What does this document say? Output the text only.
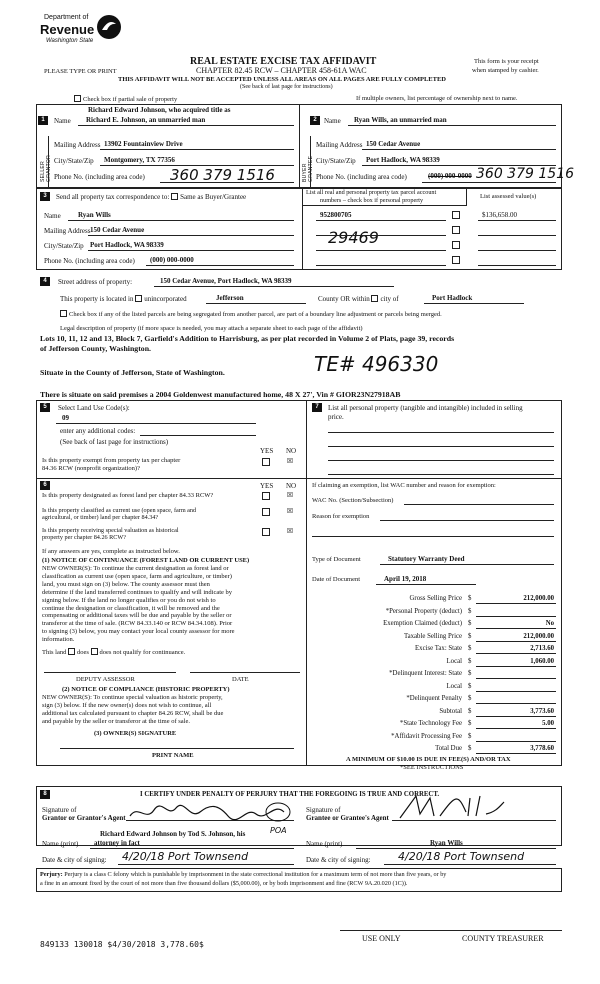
Department of
Revenue
Washington State
REAL ESTATE EXCISE TAX AFFIDAVIT	This form is your receipt
when stamped by cashier.
PLEASE TYPE OR PRINT	CHAPTER 82.45 RCW – CHAPTER 458-61A WAC
THIS AFFIDAVIT WILL NOT BE ACCEPTED UNLESS ALL AREAS ON ALL PAGES ARE FULLY COMPLETED
(See back of last page for instructions)
Check box if partial sale of property	If multiple owners, list percentage of ownership next to name.
1
SELLER GRANTOR
Richard Edward Johnson, who acquired title as
Name Richard E. Johnson, an unmarried man
Mailing Address 13902 Fountainview Drive
City/State/Zip Montgomery, TX 77356
Phone No. (including area code) 360 379 1516
2
BUYER GRANTEE
Name Ryan Wills, an unmarried man
Mailing Address 150 Cedar Avenue
City/State/Zip Port Hadlock, WA 98339
Phone No. (including area code)	(000) 000-0000 360 379 1516
3	Send all property tax correspondence to: Same as Buyer/Grantee
Name Ryan Wills
Mailing Address 150 Cedar Avenue
City/State/Zip Port Hadlock, WA 98339
Phone No. (including area code) (000) 000-0000
List all real and personal property tax parcel account
numbers – check box if personal property
List assessed value(s)
952800705	$136,658.00
29469
4	Street address of property:	150 Cedar Avenue, Port Hadlock, WA 98339
This property is located in unincorporated	Jefferson	County OR within city of	Port Hadlock
Check box if any of the listed parcels are being segregated from another parcel, are part of a boundary line adjustment or parcels being merged.
Legal description of property (if more space is needed, you may attach a separate sheet to each page of the affidavit)
Lots 10, 11, 12 and 13, Block 7, Garfield's Addition to Harrisburg, as per plat recorded in Volume 2 of Plats, page 39, records
of Jefferson County, Washington.
Situate in the County of Jefferson, State of Washington.	TE# 496330
There is situate on said premises a 2004 Goldenwest manufactured home, 48 X 27', Vin # GIOR23N27918AB
5	Select Land Use Code(s):
09
enter any additional codes:
(See back of last page for instructions)
YES NO
Is this property exempt from property tax per chapter
84.36 RCW (nonprofit organization)?
☒
7	List all personal property (tangible and intangible) included in selling
price.
6	YES NO
Is this property designated as forest land per chapter 84.33 RCW?	☒
Is this property classified as current use (open space, farm and
agricultural, or timber) land per chapter 84.34?
☒
Is this property receiving special valuation as historical
property per chapter 84.26 RCW?
☒
If any answers are yes, complete as instructed below.
(1) NOTICE OF CONTINUANCE (FOREST LAND OR CURRENT USE)
NEW OWNER(S): To continue the current designation as forest land or
classification as current use (open space, farm and agriculture, or timber)
land, you must sign on (3) below. The county assessor must then
determine if the land transferred continues to qualify and will indicate by
signing below. If the land no longer qualifies or you do not wish to
continue the designation or classification, it will be removed and the
compensating or additional taxes will be due and payable by the seller or
transferor at the time of sale. (RCW 84.33.140 or RCW 84.34.108). Prior
to signing (3) below, you may contact your local county assessor for more
information.
This land does does not qualify for continuance.
DEPUTY ASSESSOR	DATE
(2) NOTICE OF COMPLIANCE (HISTORIC PROPERTY)
NEW OWNER(S): To continue special valuation as historic property,
sign (3) below. If the new owner(s) does not wish to continue, all
additional tax calculated pursuant to chapter 84.26 RCW, shall be due
and payable by the seller or transferor at the time of sale.
(3) OWNER(S) SIGNATURE
PRINT NAME
If claiming an exemption, list WAC number and reason for exemption:
WAC No. (Section/Subsection)
Reason for exemption
Type of Document	Statutory Warranty Deed
Date of Document	April 19, 2018
Gross Selling Price $	212,000.00
*Personal Property (deduct) $
Exemption Claimed (deduct) $	No
Taxable Selling Price $	212,000.00
Excise Tax: State $	2,713.60
Local $	1,060.00
*Delinquent Interest: State $
Local $
*Delinquent Penalty $
Subtotal $	3,773.60
*State Technology Fee $	5.00
*Affidavit Processing Fee $
Total Due $	3,778.60
A MINIMUM OF $10.00 IS DUE IN FEE(S) AND/OR TAX
*SEE INSTRUCTIONS
8	I CERTIFY UNDER PENALTY OF PERJURY THAT THE FOREGOING IS TRUE AND CORRECT.
Signature of
Grantor or Grantor's Agent
POA
Signature of
Grantee or Grantee's Agent
Richard Edward Johnson by Tod S. Johnson, his
Name (print) attorney in fact	Name (print)	Ryan Wills
Date & city of signing: 4/20/18 Port Townsend	Date & city of signing: 4/20/18 Port Townsend
Perjury: Perjury is a class C felony which is punishable by imprisonment in the state correctional institution for a maximum term of not more than five years, or by
a fine in an amount fixed by the court of not more than five thousand dollars ($5,000.00), or by both imprisonment and fine (RCW 9A.20.020 (1C)).
849133 130018 $4/30/2018 3,778.60$
USE ONLY	COUNTY TREASURER
